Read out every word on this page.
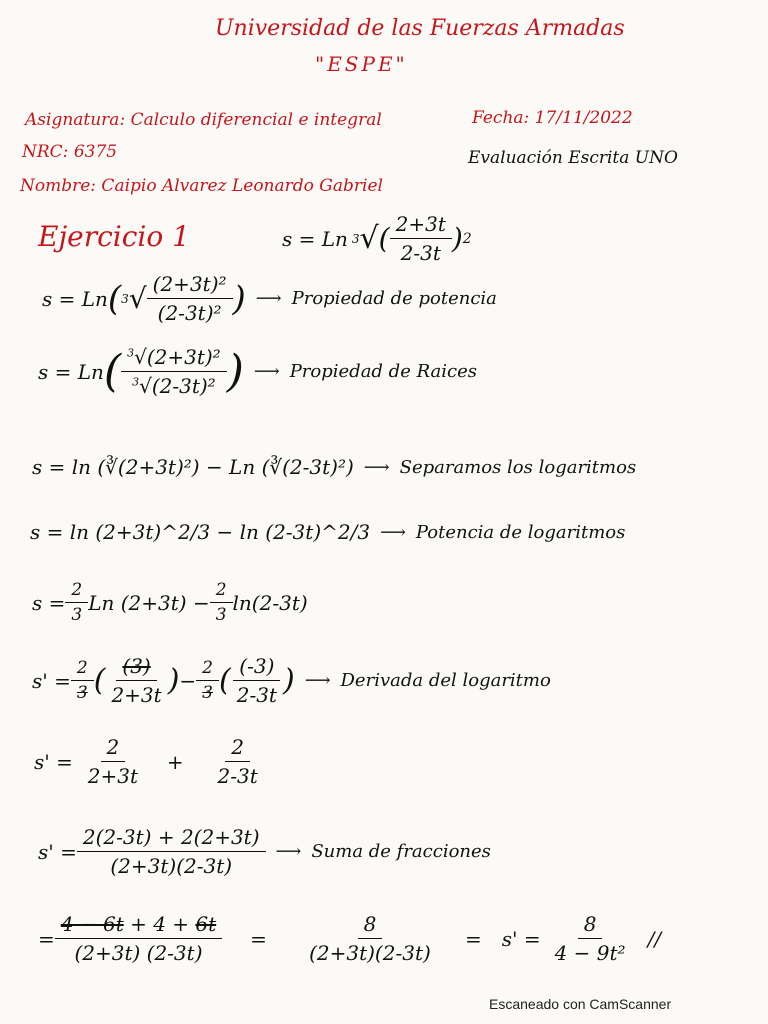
Universidad de las Fuerzas Armadas
"ESPE"
Asignatura: Calculo diferencial e integral
NRC: 6375
Nombre: Caipio Alvarez Leonardo Gabriel
Fecha: 17/11/2022
Evaluación Escrita UNO
Ejercicio 1	s = Ln 3 √ ( $\frac{2+3t}{2-3t}$ ) 2
s = Ln ( 3 √ $\frac{\text{(2+3t)²}}{\text{(2-3t)²}}$ ) ⟶ Propiedad de potencia
s = Ln ( $\frac{^3√(2+3t)^2}{^3√(2-3t)^2}$ ) ⟶ Propiedad de Raices
s = ln (∛(2+3t)²) − Ln (∛(2-3t)²) ⟶ Separamos los logaritmos
s = ln (2+3t)^2/3 − ln (2-3t)^2/3 ⟶ Potencia de logaritmos
$s = \frac{2}{3}$ Ln $(2+3t) - \frac{2}{3} \ln(2-3t)$
$s' = \frac{2}{3}$ ( $\frac{(3)}{2+3t}$ ) − $\frac{2}{3}$ ( $\frac{(-3)}{2-3t}$ ) ⟶ Derivada del logaritmo
$s' = \frac{2}{2+3t} + \frac{2}{2-3t}$
$s' = \frac{2(2-3t) + 2(2+3t)}{(2+3t)(2-3t)}$ ⟶ Suma de fracciones
= $\frac{4 - 6t + 4 + 6t}{(2+3t) (2-3t)} = \frac{8}{(2+3t)(2-3t)} = s' = \frac{8}{\text{4 − 9t²}}$ //
Escaneado con CamScanner
